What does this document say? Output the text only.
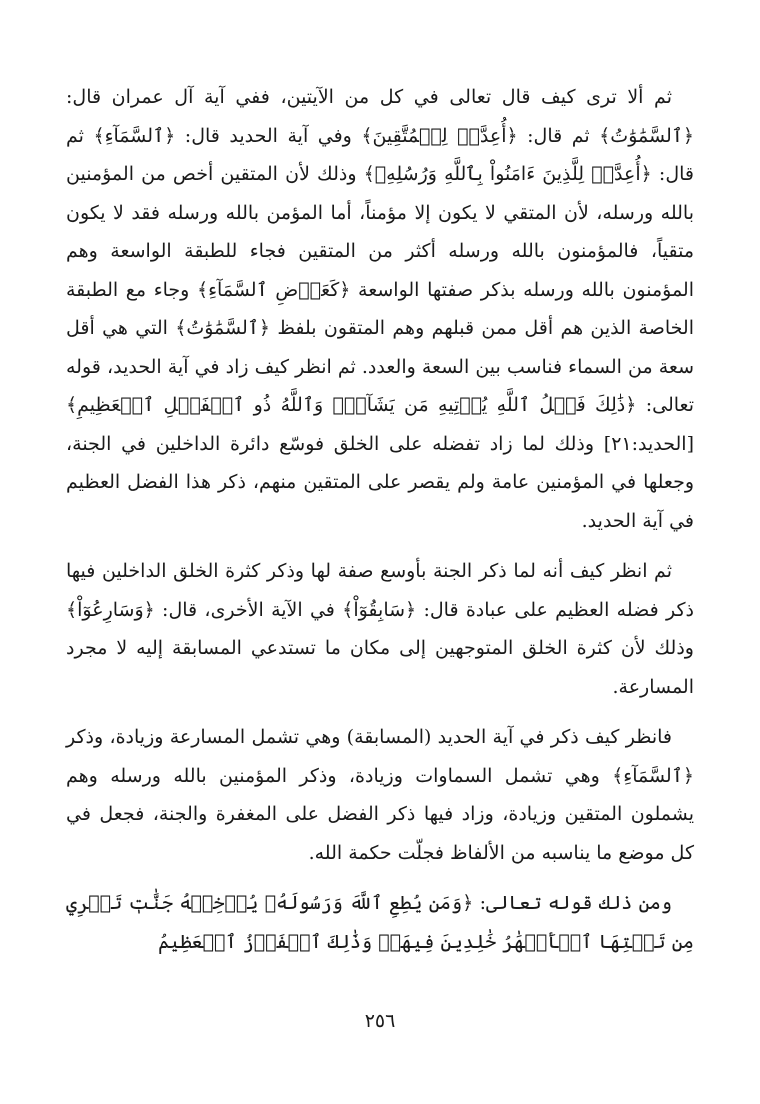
ثم ألا ترى كيف قال تعالى في كل من الآيتين، ففي آية آل عمران قال: ﴿ٱلسَّمَٰوَٰتُ﴾ ثم قال: ﴿أُعِدَّتۡ لِلۡمُتَّقِينَ﴾ وفي آية الحديد قال: ﴿ٱلسَّمَآءِ﴾ ثم قال: ﴿أُعِدَّتۡ لِلَّذِينَ ءَامَنُواْ بِٱللَّهِ وَرُسُلِهِۦ﴾ وذلك لأن المتقين أخص من المؤمنين بالله ورسله، لأن المتقي لا يكون إلا مؤمناً، أما المؤمن بالله ورسله فقد لا يكون متقياً، فالمؤمنون بالله ورسله أكثر من المتقين فجاء للطبقة الواسعة وهم المؤمنون بالله ورسله بذكر صفتها الواسعة ﴿كَعَرۡضِ ٱلسَّمَآءِ﴾ وجاء مع الطبقة الخاصة الذين هم أقل ممن قبلهم وهم المتقون بلفظ ﴿ٱلسَّمَٰوَٰتُ﴾ التي هي أقل سعة من السماء فناسب بين السعة والعدد. ثم انظر كيف زاد في آية الحديد، قوله تعالى: ﴿ذَٰلِكَ فَضۡلُ ٱللَّهِ يُؤۡتِيهِ مَن يَشَآءُۚ وَٱللَّهُ ذُو ٱلۡفَضۡلِ ٱلۡعَظِيمِ﴾ [الحديد:٢١] وذلك لما زاد تفضله على الخلق فوسّع دائرة الداخلين في الجنة، وجعلها في المؤمنين عامة ولم يقصر على المتقين منهم، ذكر هذا الفضل العظيم في آية الحديد.

ثم انظر كيف أنه لما ذكر الجنة بأوسع صفة لها وذكر كثرة الخلق الداخلين فيها ذكر فضله العظيم على عبادة قال: ﴿سَابِقُوٓاْ﴾ في الآية الأخرى، قال: ﴿وَسَارِعُوٓاْ﴾ وذلك لأن كثرة الخلق المتوجهين إلى مكان ما تستدعي المسابقة إليه لا مجرد المسارعة.

فانظر كيف ذكر في آية الحديد (المسابقة) وهي تشمل المسارعة وزيادة، وذكر ﴿ٱلسَّمَآءِ﴾ وهي تشمل السماوات وزيادة، وذكر المؤمنين بالله ورسله وهم يشملون المتقين وزيادة، وزاد فيها ذكر الفضل على المغفرة والجنة، فجعل في كل موضع ما يناسبه من الألفاظ فجلّت حكمة الله.

ومن ذلك قوله تعالى: ﴿وَمَن يُطِعِ ٱللَّهَ وَرَسُولَهُۥ يُدۡخِلۡهُ جَنَّٰتٖ تَجۡرِي مِن تَحۡتِهَا ٱلۡأَنۡهَٰرُ خَٰلِدِينَ فِيهَاۚ وَذَٰلِكَ ٱلۡفَوۡزُ ٱلۡعَظِيمُ

٢٥٦
